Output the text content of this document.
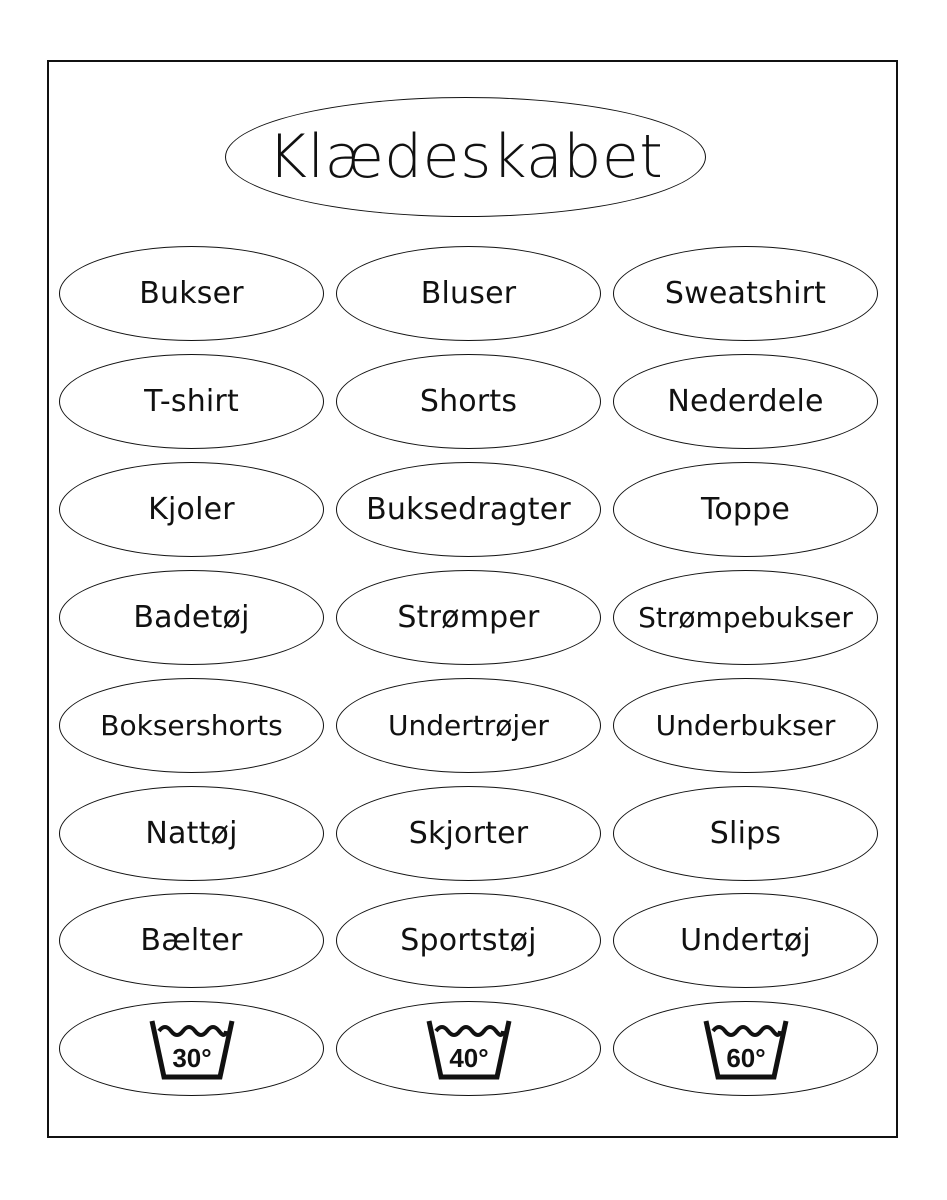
Klædeskabet
Bukser	Bluser	Sweatshirt
T-shirt	Shorts	Nederdele
Kjoler	Buksedragter	Toppe
Badetøj	Strømper	Strømpebukser
Boksershorts	Undertrøjer	Underbukser
Nattøj	Skjorter	Slips
Bælter	Sportstøj	Undertøj
30°	40°	60°
